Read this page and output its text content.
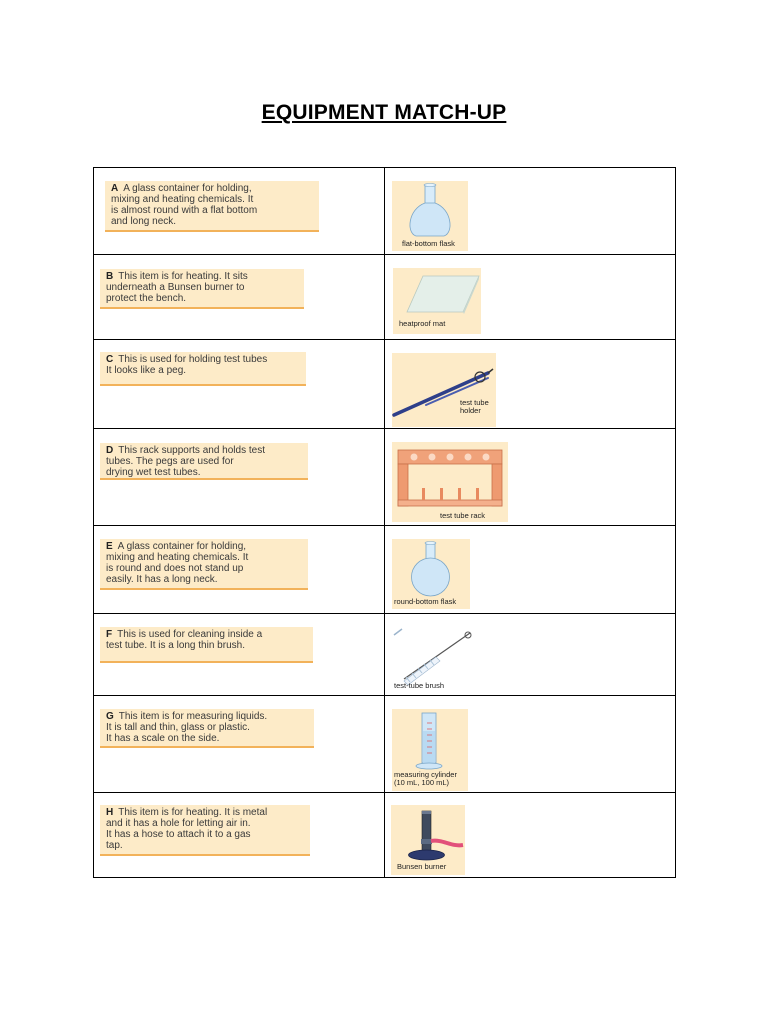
EQUIPMENT MATCH-UP
A A glass container for holding,
mixing and heating chemicals. It
is almost round with a flat bottom
and long neck.	flat-bottom flask

B This item is for heating. It sits
underneath a Bunsen burner to
protect the bench.	heatproof mat

C This is used for holding test tubes
It looks like a peg.	test tube
holder

D This rack supports and holds test
tubes. The pegs are used for
drying wet test tubes.	test tube rack

E A glass container for holding,
mixing and heating chemicals. It
is round and does not stand up
easily. It has a long neck.	round-bottom flask

F This is used for cleaning inside a
test tube. It is a long thin brush.	test-tube brush

G This item is for measuring liquids.
It is tall and thin, glass or plastic.
It has a scale on the side.	measuring cylinder
(10 mL, 100 mL)

H This item is for heating. It is metal
and it has a hole for letting air in.
It has a hose to attach it to a gas
tap.	Bunsen burner
